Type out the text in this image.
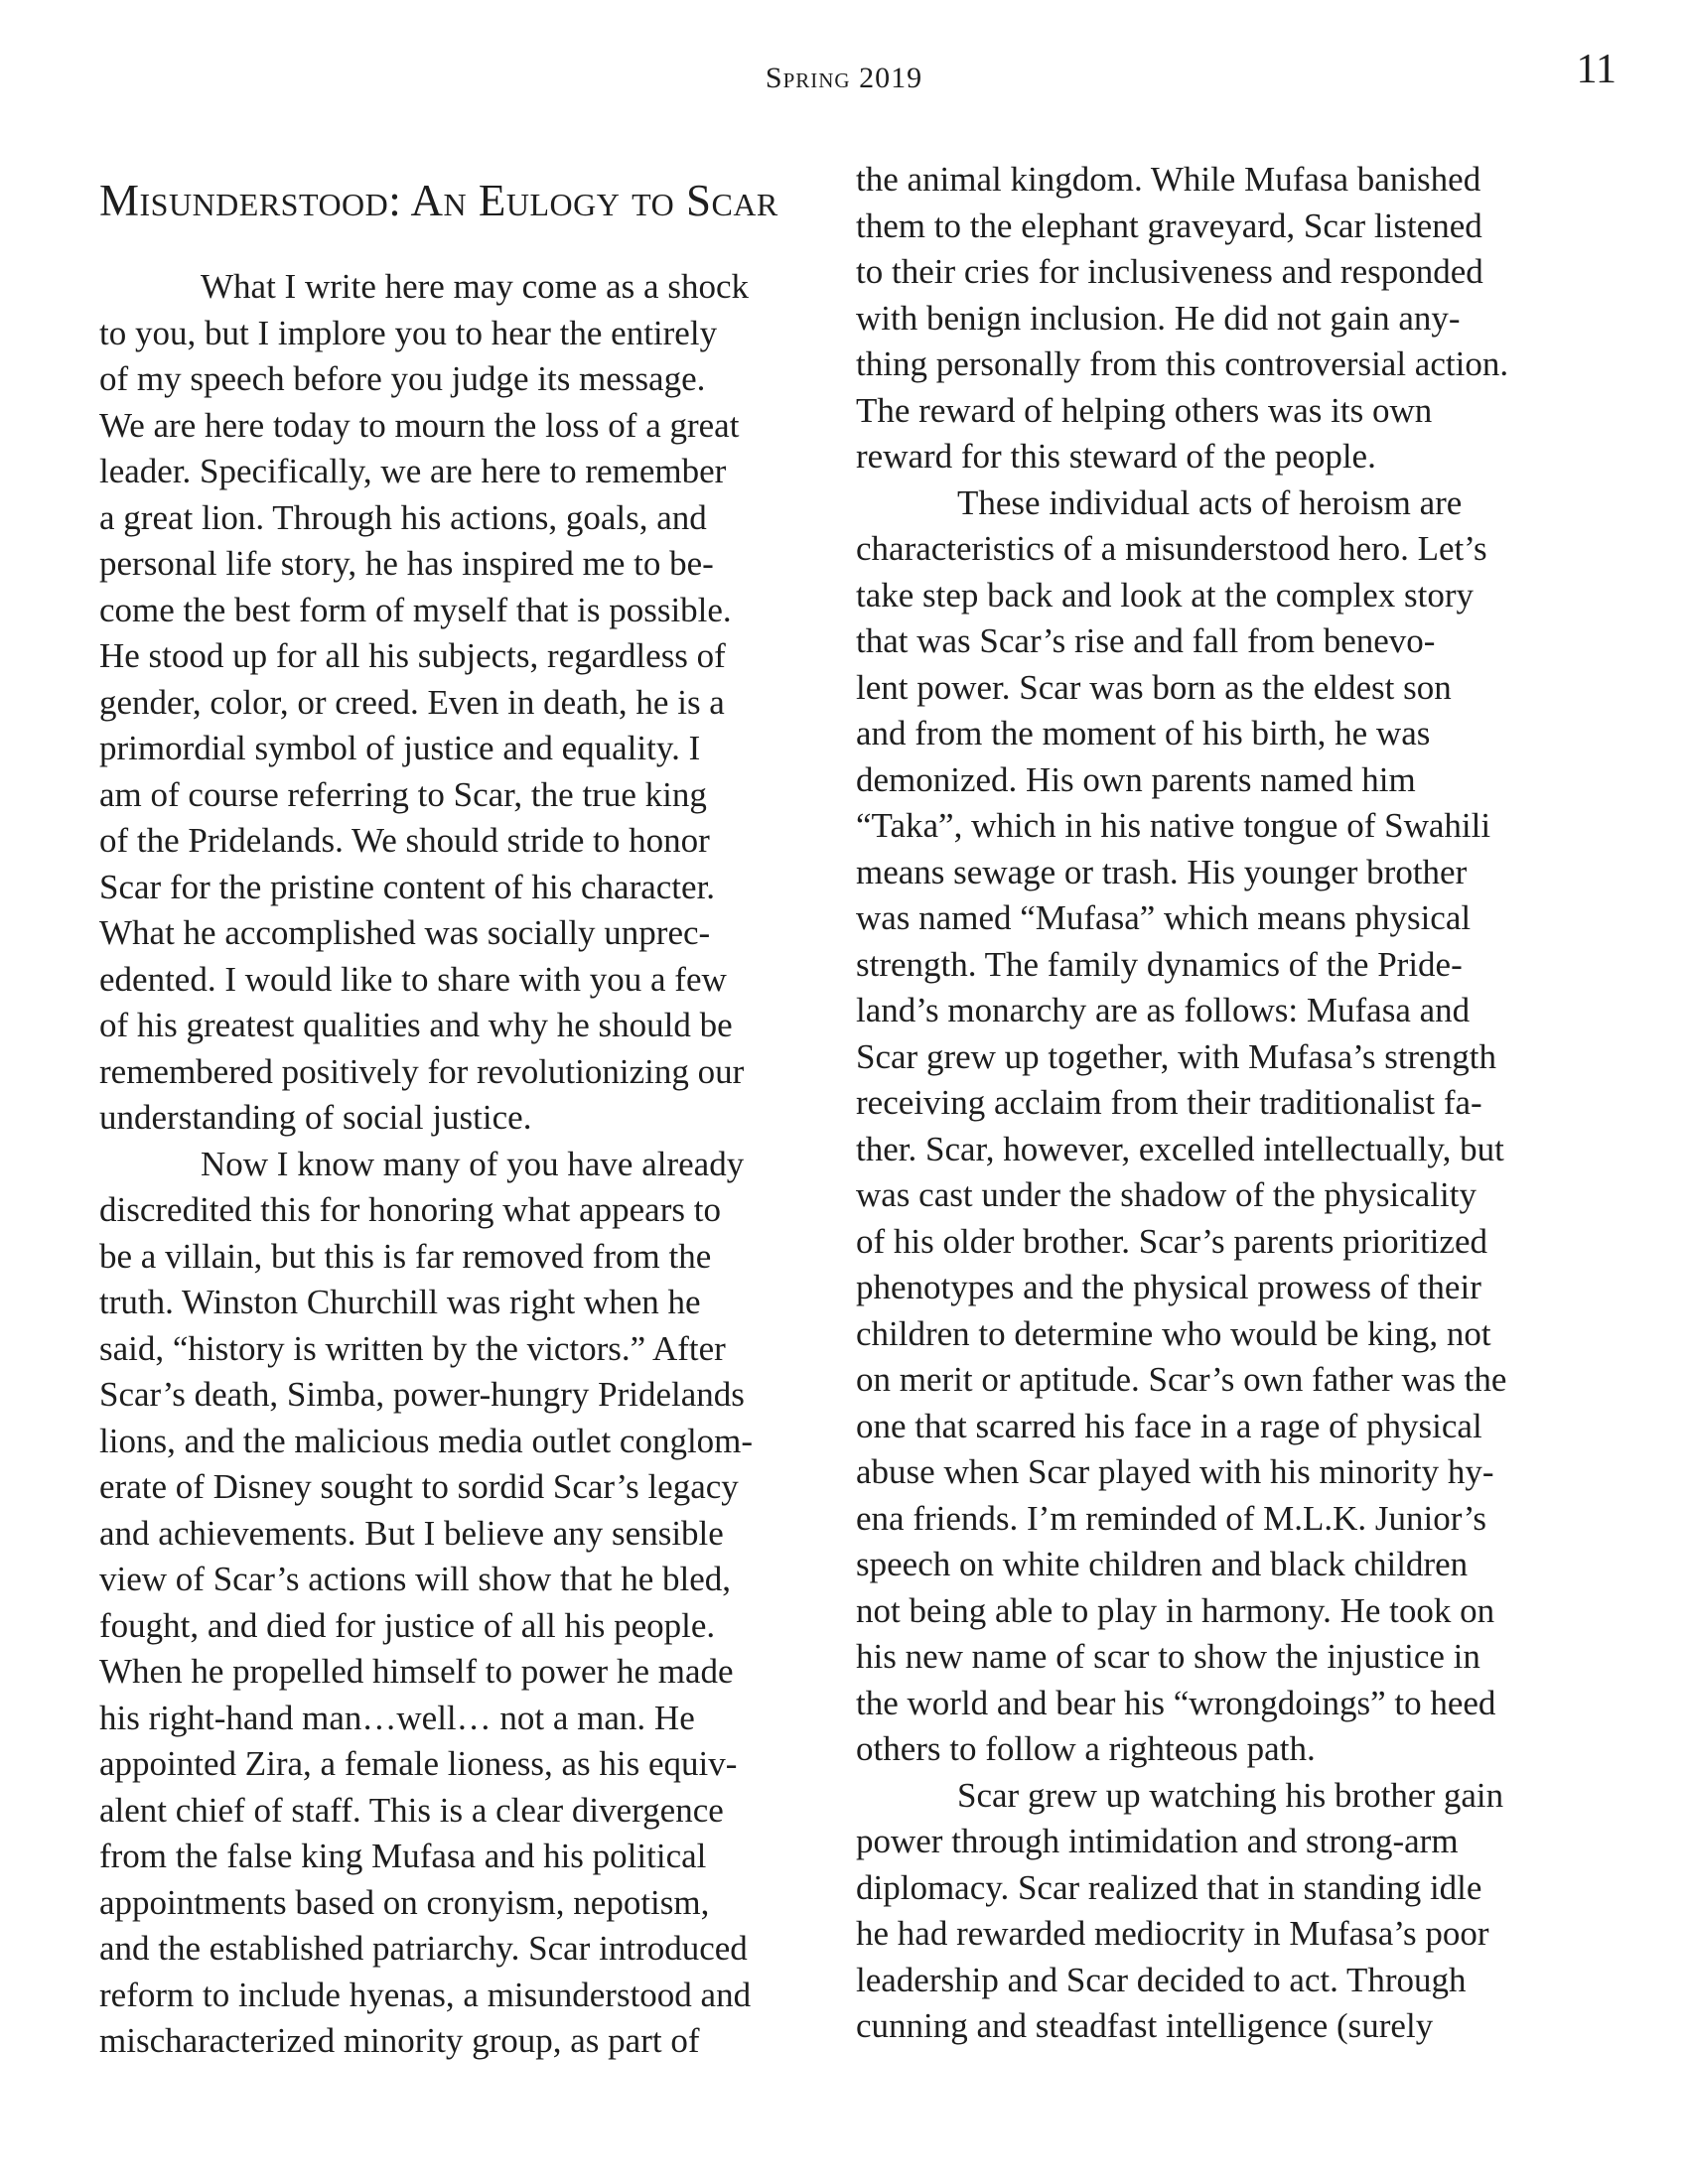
Spring 2019	11
Misunderstood: An Eulogy to Scar
What I write here may come as a shock
to you, but I implore you to hear the entirely
of my speech before you judge its message.
We are here today to mourn the loss of a great
leader. Specifically, we are here to remember
a great lion. Through his actions, goals, and
personal life story, he has inspired me to be-
come the best form of myself that is possible.
He stood up for all his subjects, regardless of
gender, color, or creed. Even in death, he is a
primordial symbol of justice and equality. I
am of course referring to Scar, the true king
of the Pridelands. We should stride to honor
Scar for the pristine content of his character.
What he accomplished was socially unprec-
edented. I would like to share with you a few
of his greatest qualities and why he should be
remembered positively for revolutionizing our
understanding of social justice.
Now I know many of you have already
discredited this for honoring what appears to
be a villain, but this is far removed from the
truth. Winston Churchill was right when he
said, “history is written by the victors.” After
Scar’s death, Simba, power-hungry Pridelands
lions, and the malicious media outlet conglom-
erate of Disney sought to sordid Scar’s legacy
and achievements. But I believe any sensible
view of Scar’s actions will show that he bled,
fought, and died for justice of all his people.
When he propelled himself to power he made
his right-hand man…well… not a man. He
appointed Zira, a female lioness, as his equiv-
alent chief of staff. This is a clear divergence
from the false king Mufasa and his political
appointments based on cronyism, nepotism,
and the established patriarchy. Scar introduced
reform to include hyenas, a misunderstood and
mischaracterized minority group, as part of
the animal kingdom. While Mufasa banished
them to the elephant graveyard, Scar listened
to their cries for inclusiveness and responded
with benign inclusion. He did not gain any-
thing personally from this controversial action.
The reward of helping others was its own
reward for this steward of the people.
These individual acts of heroism are
characteristics of a misunderstood hero. Let’s
take step back and look at the complex story
that was Scar’s rise and fall from benevo-
lent power. Scar was born as the eldest son
and from the moment of his birth, he was
demonized. His own parents named him
“Taka”, which in his native tongue of Swahili
means sewage or trash. His younger brother
was named “Mufasa” which means physical
strength. The family dynamics of the Pride-
land’s monarchy are as follows: Mufasa and
Scar grew up together, with Mufasa’s strength
receiving acclaim from their traditionalist fa-
ther. Scar, however, excelled intellectually, but
was cast under the shadow of the physicality
of his older brother. Scar’s parents prioritized
phenotypes and the physical prowess of their
children to determine who would be king, not
on merit or aptitude. Scar’s own father was the
one that scarred his face in a rage of physical
abuse when Scar played with his minority hy-
ena friends. I’m reminded of M.L.K. Junior’s
speech on white children and black children
not being able to play in harmony. He took on
his new name of scar to show the injustice in
the world and bear his “wrongdoings” to heed
others to follow a righteous path.
Scar grew up watching his brother gain
power through intimidation and strong-arm
diplomacy. Scar realized that in standing idle
he had rewarded mediocrity in Mufasa’s poor
leadership and Scar decided to act. Through
cunning and steadfast intelligence (surely
